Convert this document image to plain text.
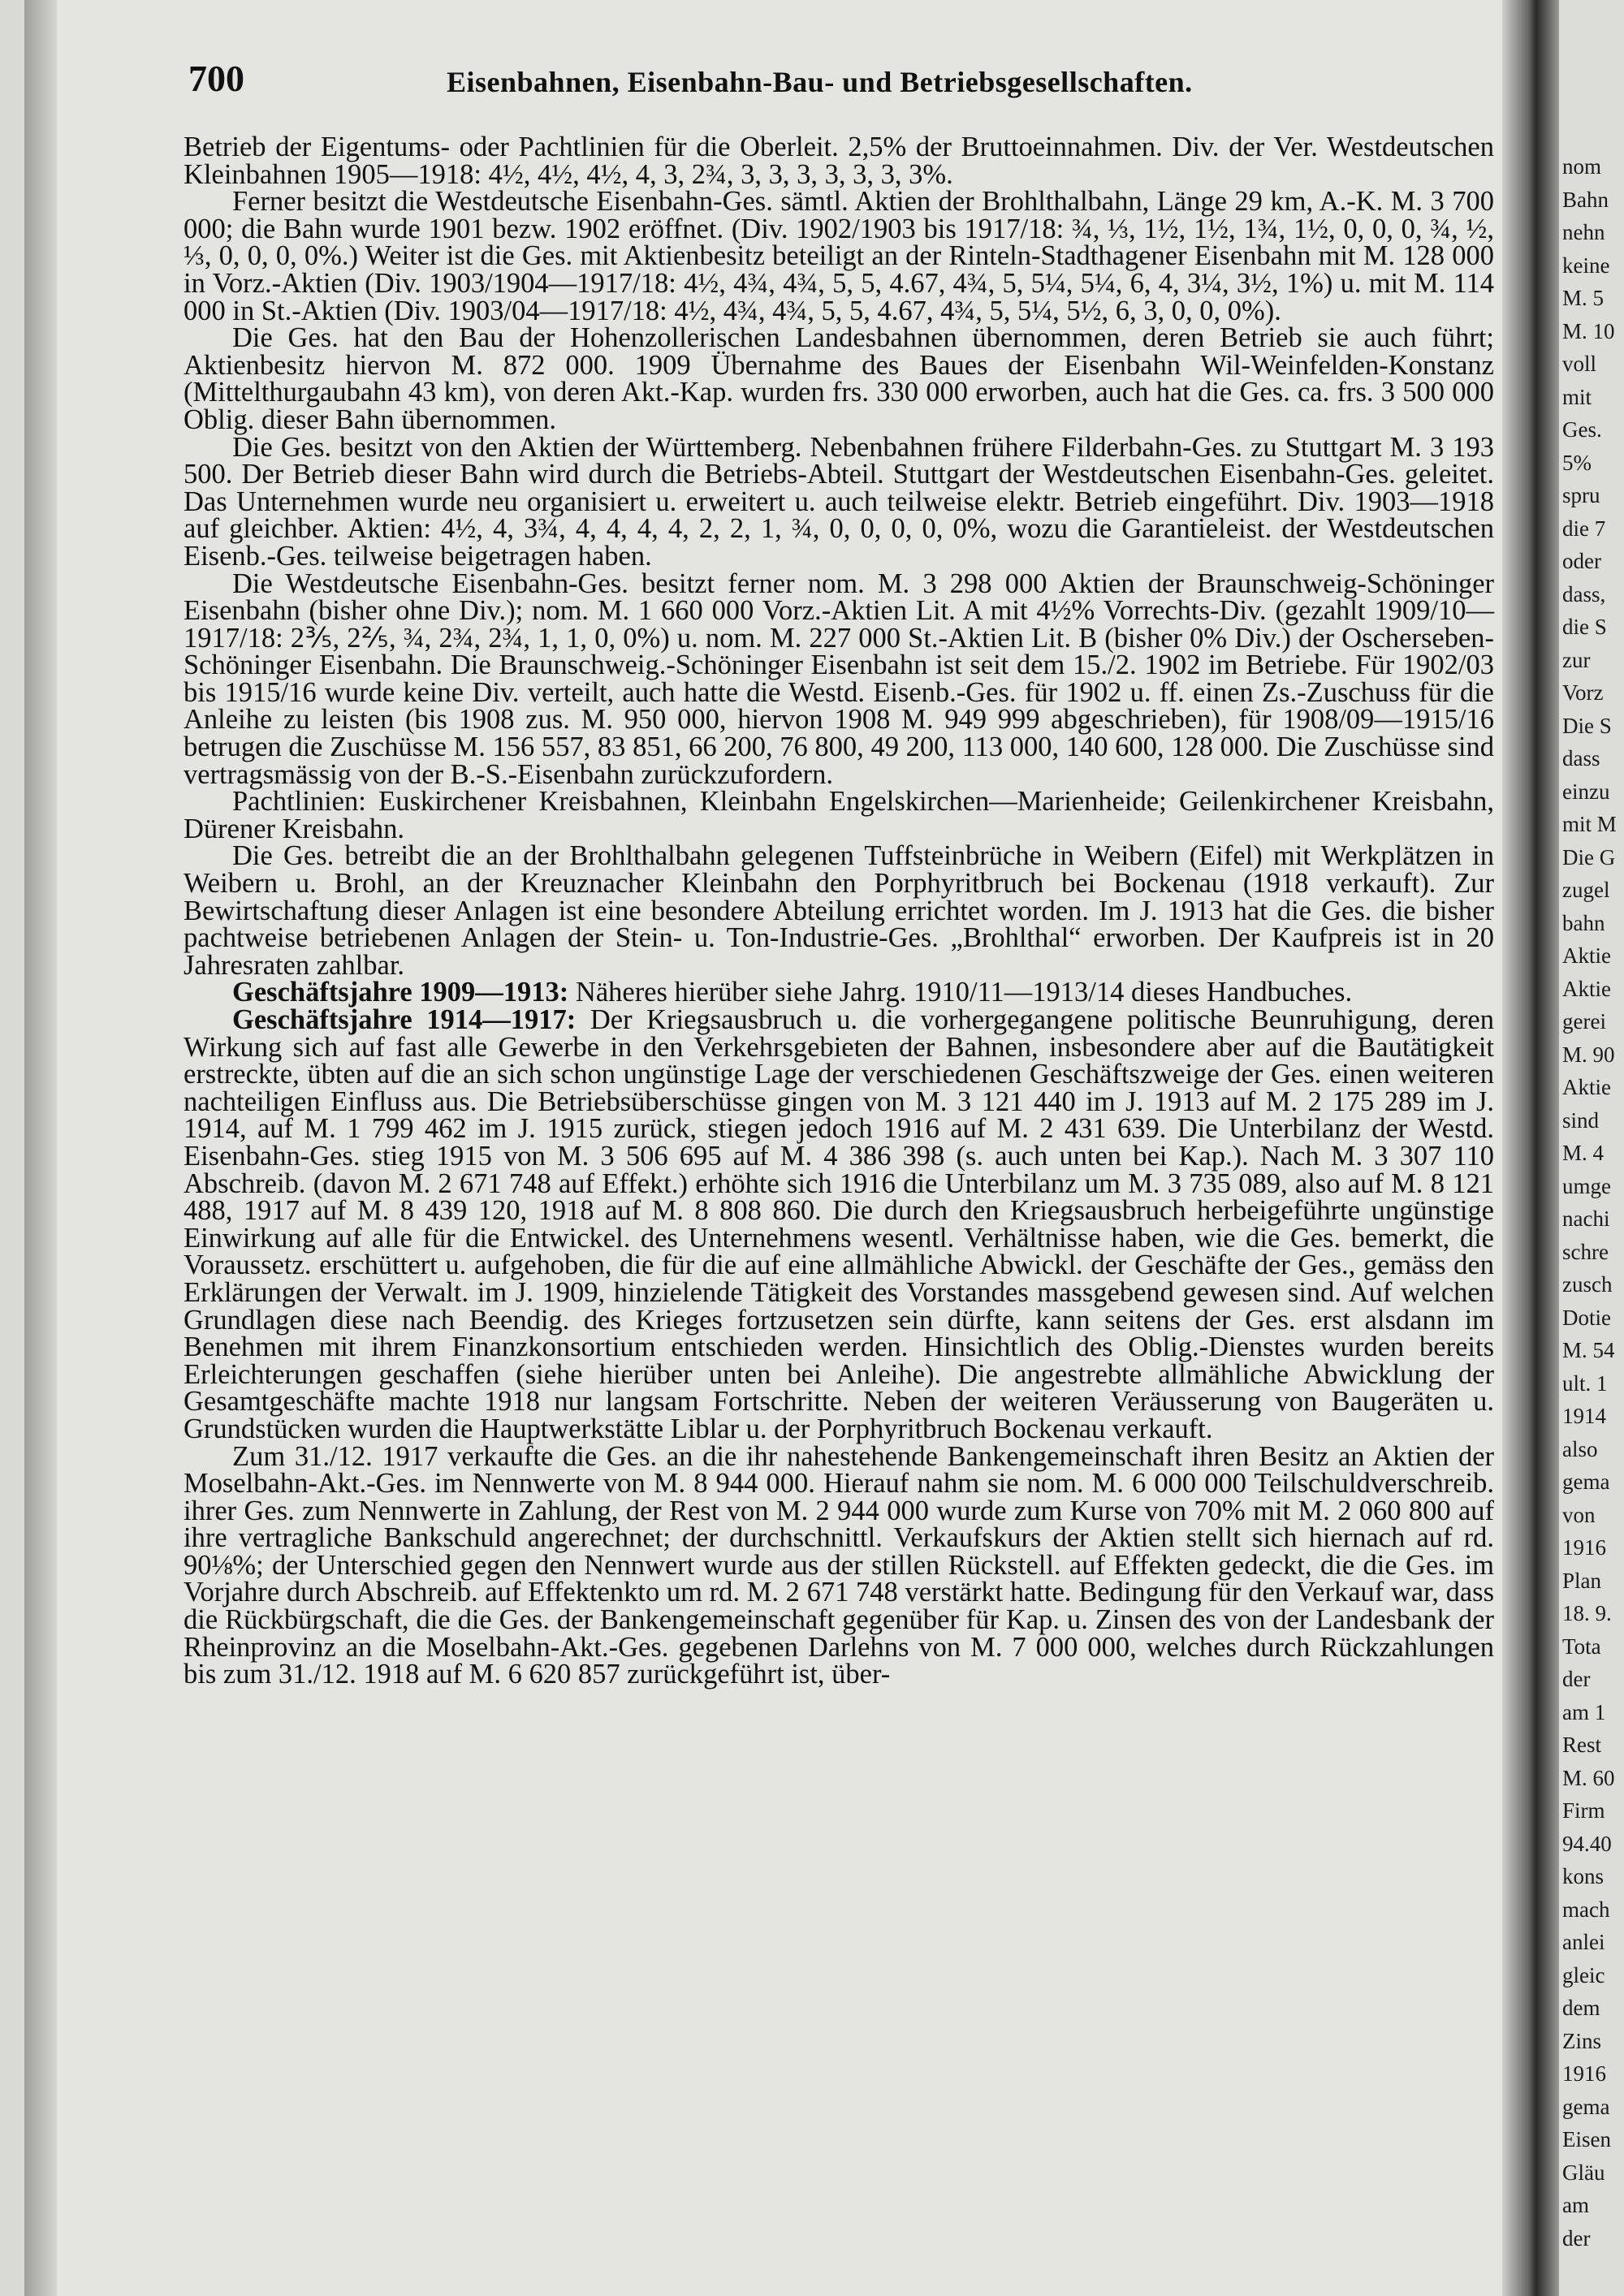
700	Eisenbahnen, Eisenbahn-Bau- und Betriebsgesellschaften.

Betrieb der Eigentums- oder Pachtlinien für die Oberleit. 2,5% der Bruttoeinnahmen. Div. der Ver. Westdeutschen Kleinbahnen 1905—1918: 4½, 4½, 4½, 4, 3, 2¾, 3, 3, 3, 3, 3, 3, 3%.

Ferner besitzt die Westdeutsche Eisenbahn-Ges. sämtl. Aktien der Brohlthalbahn, Länge 29 km, A.-K. M. 3 700 000; die Bahn wurde 1901 bezw. 1902 eröffnet. (Div. 1902/1903 bis 1917/18: ¾, ⅓, 1½, 1½, 1¾, 1½, 0, 0, 0, ¾, ½, ⅓, 0, 0, 0, 0%.) Weiter ist die Ges. mit Aktienbesitz beteiligt an der Rinteln-Stadthagener Eisenbahn mit M. 128 000 in Vorz.-Aktien (Div. 1903/1904—1917/18: 4½, 4¾, 4¾, 5, 5, 4.67, 4¾, 5, 5¼, 5¼, 6, 4, 3¼, 3½, 1%) u. mit M. 114 000 in St.-Aktien (Div. 1903/04—1917/18: 4½, 4¾, 4¾, 5, 5, 4.67, 4¾, 5, 5¼, 5½, 6, 3, 0, 0, 0%).

Die Ges. hat den Bau der Hohenzollerischen Landesbahnen übernommen, deren Betrieb sie auch führt; Aktienbesitz hiervon M. 872 000. 1909 Übernahme des Baues der Eisenbahn Wil-Weinfelden-Konstanz (Mittelthurgaubahn 43 km), von deren Akt.-Kap. wurden frs. 330 000 erworben, auch hat die Ges. ca. frs. 3 500 000 Oblig. dieser Bahn übernommen.

Die Ges. besitzt von den Aktien der Württemberg. Nebenbahnen frühere Filderbahn-Ges. zu Stuttgart M. 3 193 500. Der Betrieb dieser Bahn wird durch die Betriebs-Abteil. Stuttgart der Westdeutschen Eisenbahn-Ges. geleitet. Das Unternehmen wurde neu organisiert u. erweitert u. auch teilweise elektr. Betrieb eingeführt. Div. 1903—1918 auf gleichber. Aktien: 4½, 4, 3¾, 4, 4, 4, 4, 2, 2, 1, ¾, 0, 0, 0, 0, 0%, wozu die Garantieleist. der Westdeutschen Eisenb.-Ges. teilweise beigetragen haben.

Die Westdeutsche Eisenbahn-Ges. besitzt ferner nom. M. 3 298 000 Aktien der Braunschweig-Schöninger Eisenbahn (bisher ohne Div.); nom. M. 1 660 000 Vorz.-Aktien Lit. A mit 4½% Vorrechts-Div. (gezahlt 1909/10—1917/18: 2⅗, 2⅖, ¾, 2¾, 2¾, 1, 1, 0, 0%) u. nom. M. 227 000 St.-Aktien Lit. B (bisher 0% Div.) der Oscherseben-Schöninger Eisenbahn. Die Braunschweig.-Schöninger Eisenbahn ist seit dem 15./2. 1902 im Betriebe. Für 1902/03 bis 1915/16 wurde keine Div. verteilt, auch hatte die Westd. Eisenb.-Ges. für 1902 u. ff. einen Zs.-Zuschuss für die Anleihe zu leisten (bis 1908 zus. M. 950 000, hiervon 1908 M. 949 999 abgeschrieben), für 1908/09—1915/16 betrugen die Zuschüsse M. 156 557, 83 851, 66 200, 76 800, 49 200, 113 000, 140 600, 128 000. Die Zuschüsse sind vertragsmässig von der B.-S.-Eisenbahn zurückzufordern.

Pachtlinien: Euskirchener Kreisbahnen, Kleinbahn Engelskirchen—Marienheide; Geilenkirchener Kreisbahn, Dürener Kreisbahn.

Die Ges. betreibt die an der Brohlthalbahn gelegenen Tuffsteinbrüche in Weibern (Eifel) mit Werkplätzen in Weibern u. Brohl, an der Kreuznacher Kleinbahn den Porphyritbruch bei Bockenau (1918 verkauft). Zur Bewirtschaftung dieser Anlagen ist eine besondere Abteilung errichtet worden. Im J. 1913 hat die Ges. die bisher pachtweise betriebenen Anlagen der Stein- u. Ton-Industrie-Ges. „Brohlthal“ erworben. Der Kaufpreis ist in 20 Jahresraten zahlbar.

Geschäftsjahre 1909—1913: Näheres hierüber siehe Jahrg. 1910/11—1913/14 dieses Handbuches.

Geschäftsjahre 1914—1917: Der Kriegsausbruch u. die vorhergegangene politische Beunruhigung, deren Wirkung sich auf fast alle Gewerbe in den Verkehrsgebieten der Bahnen, insbesondere aber auf die Bautätigkeit erstreckte, übten auf die an sich schon ungünstige Lage der verschiedenen Geschäftszweige der Ges. einen weiteren nachteiligen Einfluss aus. Die Betriebsüberschüsse gingen von M. 3 121 440 im J. 1913 auf M. 2 175 289 im J. 1914, auf M. 1 799 462 im J. 1915 zurück, stiegen jedoch 1916 auf M. 2 431 639. Die Unterbilanz der Westd. Eisenbahn-Ges. stieg 1915 von M. 3 506 695 auf M. 4 386 398 (s. auch unten bei Kap.). Nach M. 3 307 110 Abschreib. (davon M. 2 671 748 auf Effekt.) erhöhte sich 1916 die Unterbilanz um M. 3 735 089, also auf M. 8 121 488, 1917 auf M. 8 439 120, 1918 auf M. 8 808 860. Die durch den Kriegsausbruch herbeigeführte ungünstige Einwirkung auf alle für die Entwickel. des Unternehmens wesentl. Verhältnisse haben, wie die Ges. bemerkt, die Voraussetz. erschüttert u. aufgehoben, die für die auf eine allmähliche Abwickl. der Geschäfte der Ges., gemäss den Erklärungen der Verwalt. im J. 1909, hinzielende Tätigkeit des Vorstandes massgebend gewesen sind. Auf welchen Grundlagen diese nach Beendig. des Krieges fortzusetzen sein dürfte, kann seitens der Ges. erst alsdann im Benehmen mit ihrem Finanzkonsortium entschieden werden. Hinsichtlich des Oblig.-Dienstes wurden bereits Erleichterungen geschaffen (siehe hierüber unten bei Anleihe). Die angestrebte allmähliche Abwicklung der Gesamtgeschäfte machte 1918 nur langsam Fortschritte. Neben der weiteren Veräusserung von Baugeräten u. Grundstücken wurden die Hauptwerkstätte Liblar u. der Porphyritbruch Bockenau verkauft.

Zum 31./12. 1917 verkaufte die Ges. an die ihr nahestehende Bankengemeinschaft ihren Besitz an Aktien der Moselbahn-Akt.-Ges. im Nennwerte von M. 8 944 000. Hierauf nahm sie nom. M. 6 000 000 Teilschuldverschreib. ihrer Ges. zum Nennwerte in Zahlung, der Rest von M. 2 944 000 wurde zum Kurse von 70% mit M. 2 060 800 auf ihre vertragliche Bankschuld angerechnet; der durchschnittl. Verkaufskurs der Aktien stellt sich hiernach auf rd. 90⅛%; der Unterschied gegen den Nennwert wurde aus der stillen Rückstell. auf Effekten gedeckt, die die Ges. im Vorjahre durch Abschreib. auf Effektenkto um rd. M. 2 671 748 verstärkt hatte. Bedingung für den Verkauf war, dass die Rückbürgschaft, die die Ges. der Bankengemeinschaft gegenüber für Kap. u. Zinsen des von der Landesbank der Rheinprovinz an die Moselbahn-Akt.-Ges. gegebenen Darlehns von M. 7 000 000, welches durch Rückzahlungen bis zum 31./12. 1918 auf M. 6 620 857 zurückgeführt ist, über-

nom
Bahn
nehn
keine
M. 5
M. 10
voll
mit
Ges.
5%
spru
die 7
oder
dass,
die S
zur
Vorz
Die S
dass
einzu
mit M
Die G
zugel
bahn
Aktie
Aktie
gerei
M. 90
Aktie
sind
M. 4
umge
nachi
schre
zusch
Dotie
M. 54
ult. 1
1914
also
gema
von
1916
Plan
18. 9.
Tota
der
am 1
Rest
M. 60
Firm
94.40
kons
mach
anlei
gleic
dem
Zins
1916
gema
Eisen
Gläu
am
der
